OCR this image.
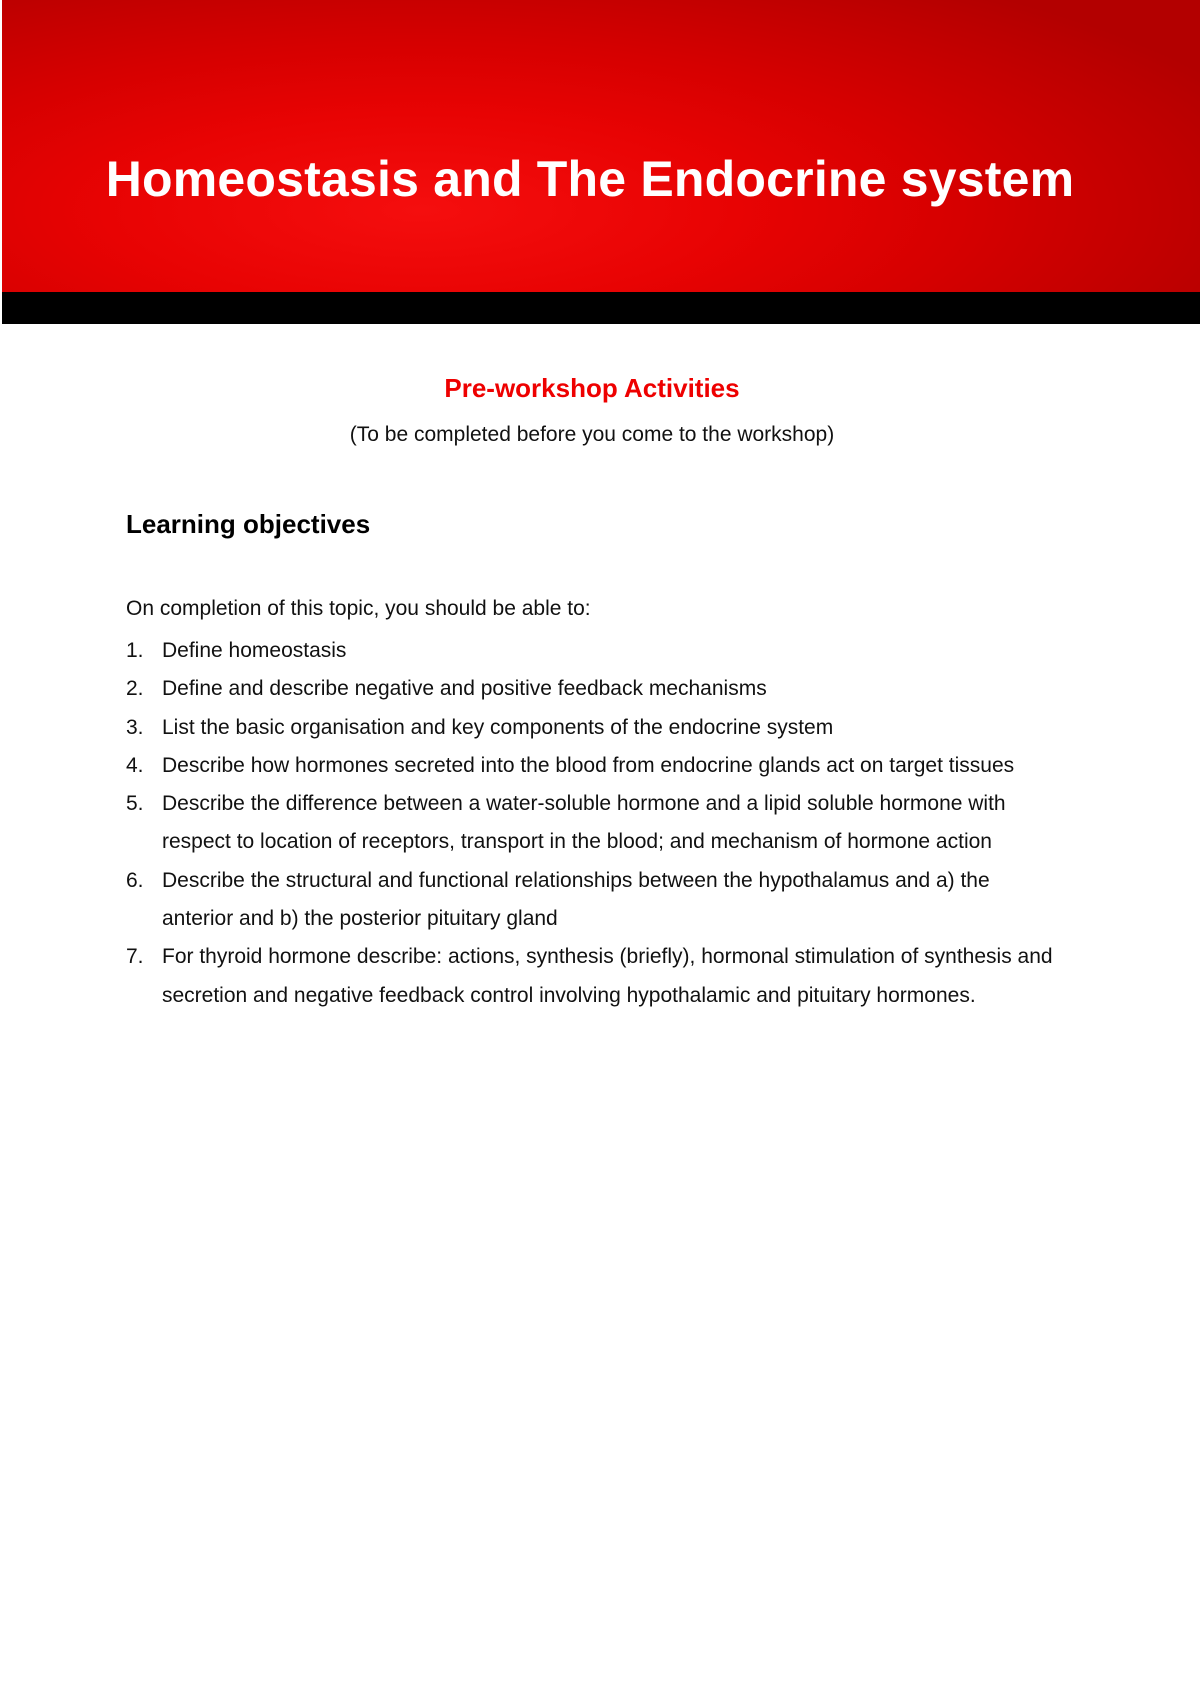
Homeostasis and The Endocrine system
Pre-workshop Activities
(To be completed before you come to the workshop)
Learning objectives
On completion of this topic, you should be able to:
1. Define homeostasis
2. Define and describe negative and positive feedback mechanisms
3. List the basic organisation and key components of the endocrine system
4. Describe how hormones secreted into the blood from endocrine glands act on target tissues
5. Describe the difference between a water-soluble hormone and a lipid soluble hormone with respect to location of receptors, transport in the blood; and mechanism of hormone action
6. Describe the structural and functional relationships between the hypothalamus and a) the anterior and b) the posterior pituitary gland
7. For thyroid hormone describe: actions, synthesis (briefly), hormonal stimulation of synthesis and secretion and negative feedback control involving hypothalamic and pituitary hormones.
